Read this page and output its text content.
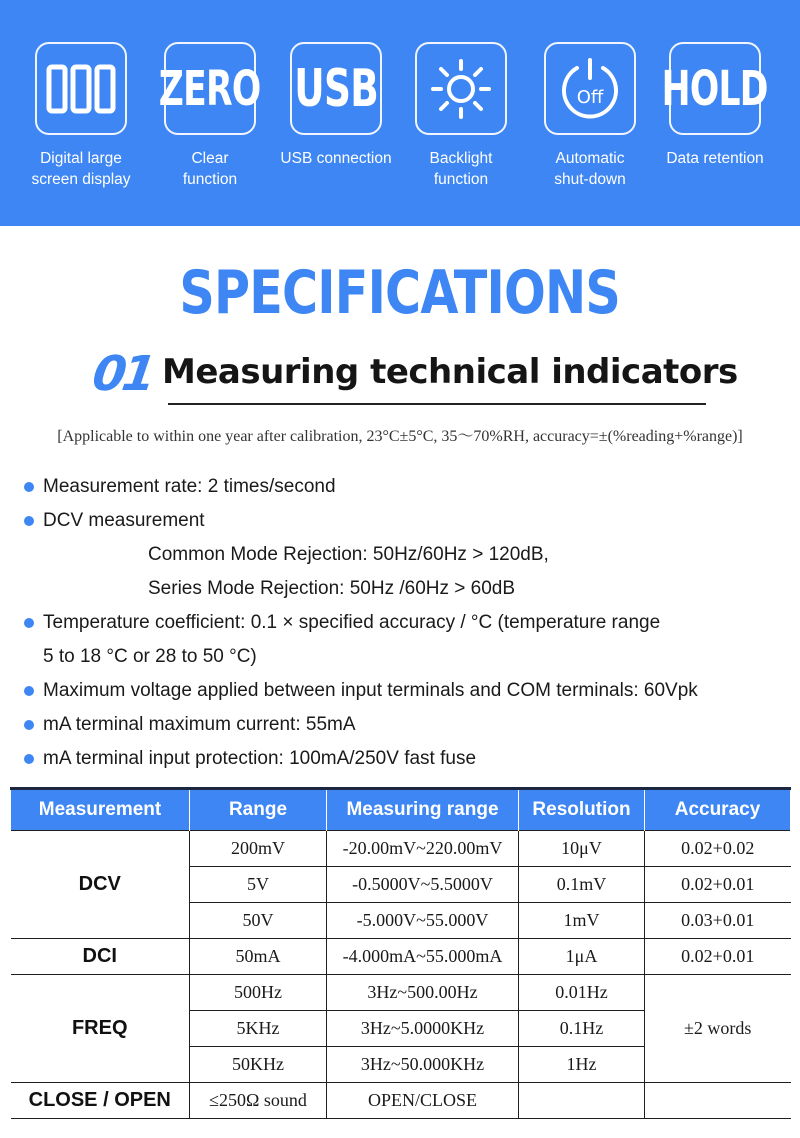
Digital large
screen display
ZERO
Clear
function
USB
USB connection	Backlight
function
Off
Automatic
shut-down
HOLD
Data retention
SPECIFICATIONS
01 Measuring technical indicators
[Applicable to within one year after calibration, 23°C±5°C, 35～70%RH, accuracy=±(%reading+%range)]
Measurement rate: 2 times/second
DCV measurement
Common Mode Rejection: 50Hz/60Hz > 120dB,
Series Mode Rejection: 50Hz /60Hz > 60dB
Temperature coefficient: 0.1 × specified accuracy / °C (temperature range
5 to 18 °C or 28 to 50 °C)
Maximum voltage applied between input terminals and COM terminals: 60Vpk
mA terminal maximum current: 55mA
mA terminal input protection: 100mA/250V fast fuse
Measurement	Range	Measuring range	Resolution	Accuracy
DCV	200mV	-20.00mV~220.00mV	10μV	0.02+0.02
	5V	-0.5000V~5.5000V	0.1mV	0.02+0.01
	50V	-5.000V~55.000V	1mV	0.03+0.01
DCI	50mA	-4.000mA~55.000mA	1μA	0.02+0.01
FREQ	500Hz	3Hz~500.00Hz	0.01Hz	±2 words
	5KHz	3Hz~5.0000KHz	0.1Hz	
	50KHz	3Hz~50.000KHz	1Hz	
CLOSE / OPEN	≤250Ω sound	OPEN/CLOSE		
